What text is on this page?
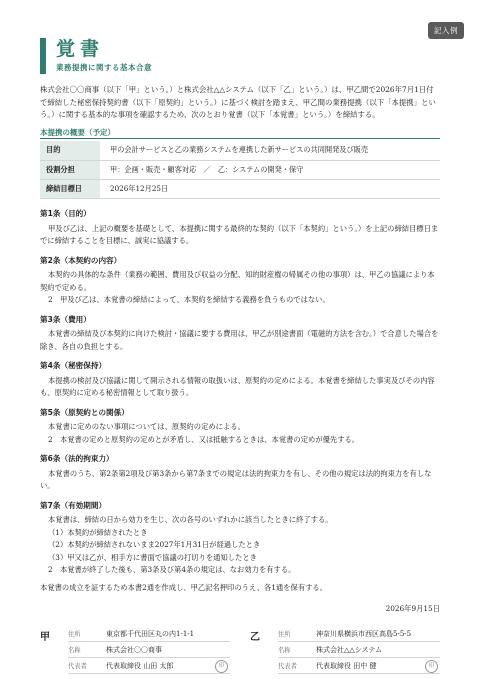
記入例
覚書
業務提携に関する基本合意

株式会社〇〇商事（以下「甲」という。）と株式会社△△システム（以下「乙」という。）は、甲乙間で2026年7月1日付で締結した秘密保持契約書（以下「原契約」という。）に基づく検討を踏まえ、甲乙間の業務提携（以下「本提携」という。）に関する基本的な事項を確認するため、次のとおり覚書（以下「本覚書」という。）を締結する。

本提携の概要（予定）
目的	甲の会計サービスと乙の業務システムを連携した新サービスの共同開発及び販売
役割分担	甲：企画・販売・顧客対応　／　乙：システムの開発・保守
締結目標日	2026年12月25日
第1条（目的）

甲及び乙は、上記の概要を基礎として、本提携に関する最終的な契約（以下「本契約」という。）を上記の締結目標日までに締結することを目標に、誠実に協議する。

第2条（本契約の内容）

本契約の具体的な条件（業務の範囲、費用及び収益の分配、知的財産権の帰属その他の事項）は、甲乙の協議により本契約で定める。

2　甲及び乙は、本覚書の締結によって、本契約を締結する義務を負うものではない。

第3条（費用）

本覚書の締結及び本契約に向けた検討・協議に要する費用は、甲乙が別途書面（電磁的方法を含む。）で合意した場合を除き、各自の負担とする。

第4条（秘密保持）

本提携の検討及び協議に関して開示される情報の取扱いは、原契約の定めによる。本覚書を締結した事実及びその内容も、原契約に定める秘密情報として取り扱う。

第5条（原契約との関係）

本覚書に定めのない事項については、原契約の定めによる。

2　本覚書の定めと原契約の定めとが矛盾し、又は抵触するときは、本覚書の定めが優先する。

第6条（法的拘束力）

本覚書のうち、第2条第2項及び第3条から第7条までの規定は法的拘束力を有し、その他の規定は法的拘束力を有しない。

第7条（有効期間）

本覚書は、締結の日から効力を生じ、次の各号のいずれかに該当したときに終了する。

（1）本契約が締結されたとき

（2）本契約が締結されないまま2027年1月31日が経過したとき

（3）甲又は乙が、相手方に書面で協議の打切りを通知したとき

2　本覚書が終了した後も、第3条及び第4条の規定は、なお効力を有する。

本覚書の成立を証するため本書2通を作成し、甲乙記名押印のうえ、各1通を保有する。

2026年9月15日
甲	住所	東京都千代田区丸の内1-1-1
名称	株式会社〇〇商事
代表者	代表取締役 山田 太郎	印
乙	住所	神奈川県横浜市西区高島5-5-5
名称	株式会社△△システム
代表者	代表取締役 田中 健	印
